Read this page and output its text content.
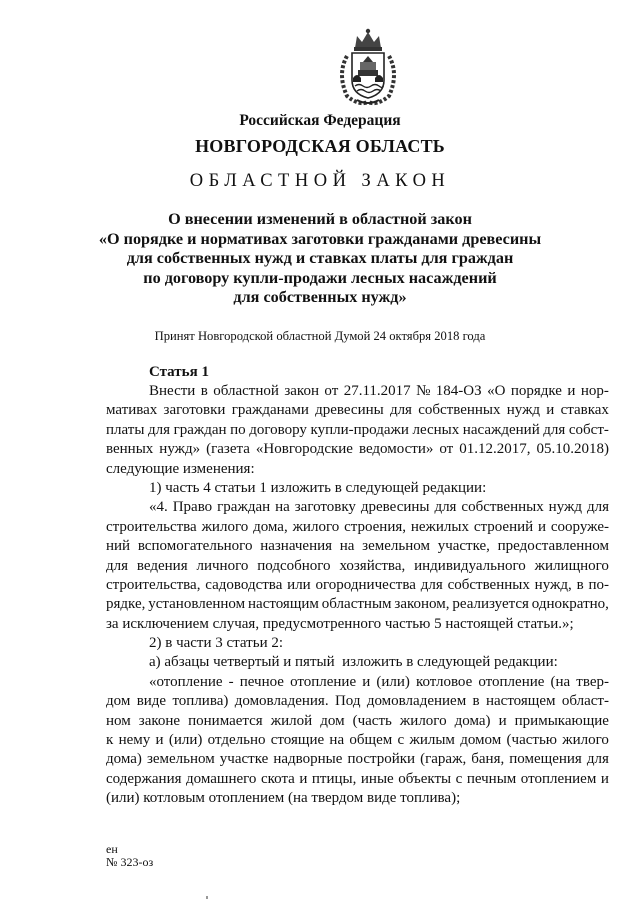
Российская Федерация
НОВГОРОДСКАЯ ОБЛАСТЬ
ОБЛАСТНОЙ ЗАКОН
О внесении изменений в областной закон
«О порядке и нормативах заготовки гражданами древесины
для собственных нужд и ставках платы для граждан
по договору купли-продажи лесных насаждений
для собственных нужд»
Принят Новгородской областной Думой 24 октября 2018 года
Статья 1
Внести в областной закон от 27.11.2017 № 184-ОЗ «О порядке и нор-
мативах заготовки гражданами древесины для собственных нужд и ставках
платы для граждан по договору купли-продажи лесных насаждений для собст-
венных нужд» (газета «Новгородские ведомости» от 01.12.2017, 05.10.2018)
следующие изменения:
1) часть 4 статьи 1 изложить в следующей редакции:
«4. Право граждан на заготовку древесины для собственных нужд для
строительства жилого дома, жилого строения, нежилых строений и сооруже-
ний вспомогательного назначения на земельном участке, предоставленном
для ведения личного подсобного хозяйства, индивидуального жилищного
строительства, садоводства или огородничества для собственных нужд, в по-
рядке, установленном настоящим областным законом, реализуется однократно,
за исключением случая, предусмотренного частью 5 настоящей статьи.»;
2) в части 3 статьи 2:
а) абзацы четвертый и пятый  изложить в следующей редакции:
«отопление - печное отопление и (или) котловое отопление (на твер-
дом виде топлива) домовладения. Под домовладением в настоящем област-
ном законе понимается жилой дом (часть жилого дома) и примыкающие
к нему и (или) отдельно стоящие на общем с жилым домом (частью жилого
дома) земельном участке надворные постройки (гараж, баня, помещения для
содержания домашнего скота и птицы, иные объекты с печным отоплением и
(или) котловым отоплением (на твердом виде топлива);
ен
№ 323-оз
